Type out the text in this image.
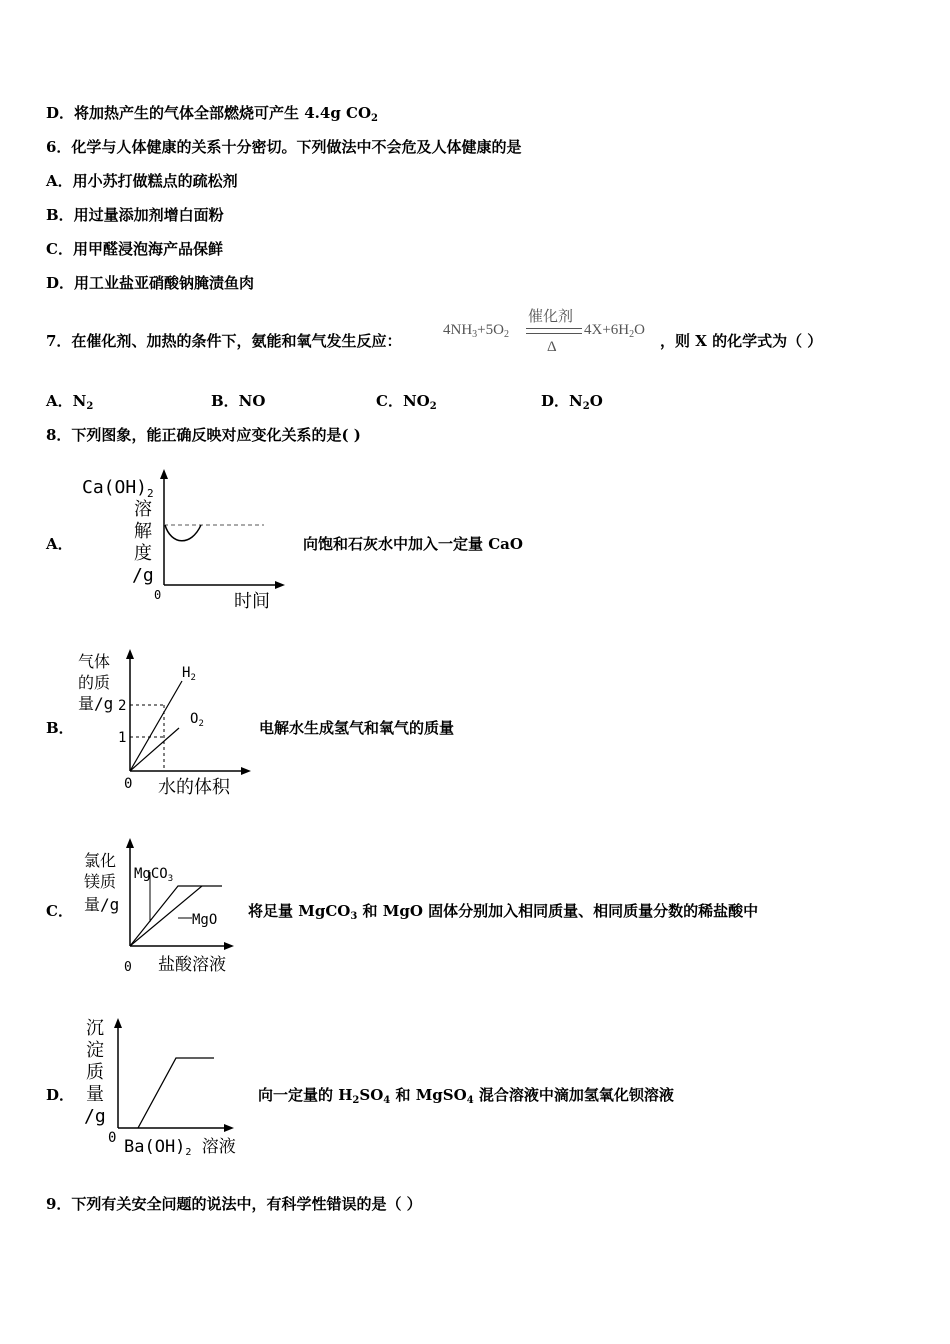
D．将加热产生的气体全部燃烧可产生 4.4g $CO_2$
6．化学与人体健康的关系十分密切。下列做法中不会危及人体健康的是
A．用小苏打做糕点的疏松剂
B．用过量添加剂增白面粉
C．用甲醛浸泡海产品保鲜
D．用工业盐亚硝酸钠腌渍鱼肉
7．在催化剂、加热的条件下，氨能和氧气发生反应：
$4NH_3+5O_2$
催化剂
Δ
$4X+6H_2O$
，则 X 的化学式为（ ）
A．$N_2$	B．NO	C．$NO_2$	D．$N_2O$
8．下列图象，能正确反映对应变化关系的是( )
A．
$Ca(OH)_2$
溶
解
度
/g
0	时间
向饱和石灰水中加入一定量 CaO
B．
气体
的质
量/g 2
1
$H_2$
$O_2$
0 水的体积
电解水生成氢气和氧气的质量
C．
氯化
镁质
量/g
MgCO$_3$
MgO
0 盐酸溶液
将足量 MgCO$_3$ 和 MgO 固体分别加入相同质量、相同质量分数的稀盐酸中
D．
沉
淀
质
量
/g
0 Ba(OH)2 溶液
向一定量的 $H_2SO_4$ 和 MgSO$_4$ 混合溶液中滴加氢氧化钡溶液
9．下列有关安全问题的说法中，有科学性错误的是（ ）
